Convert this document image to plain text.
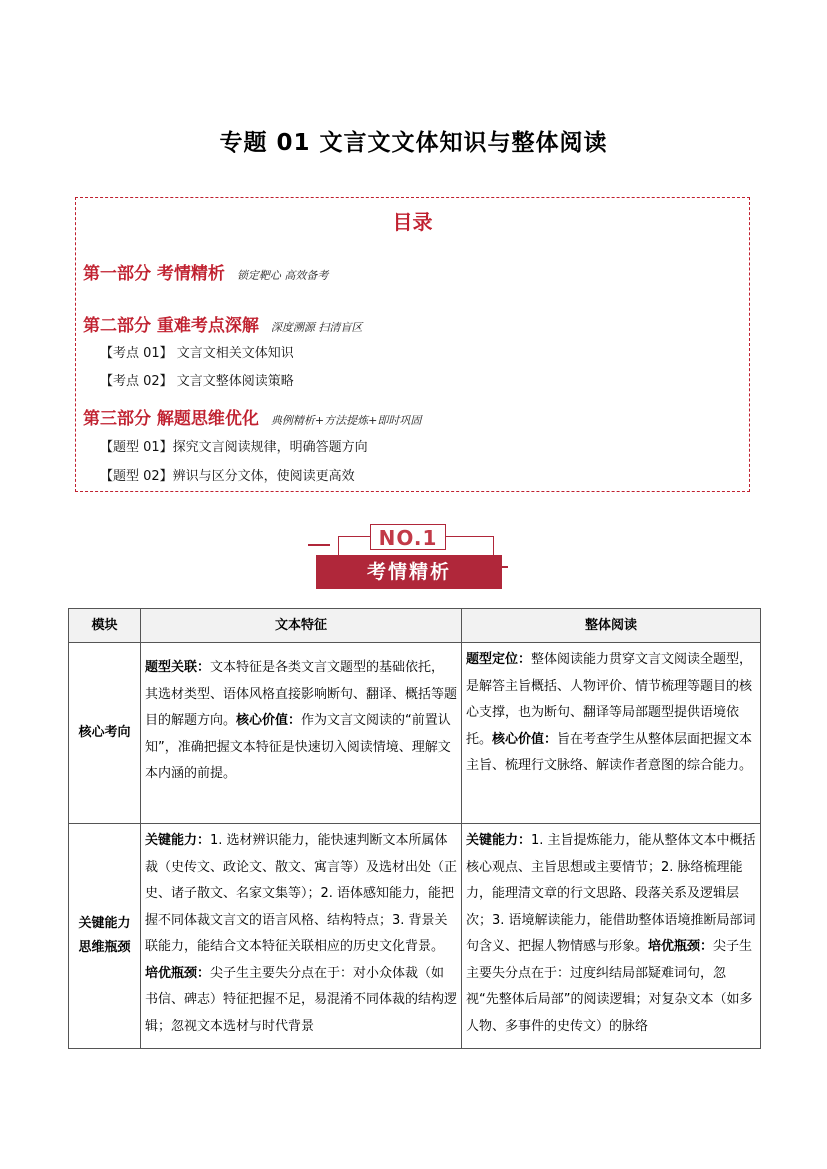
专题 01 文言文文体知识与整体阅读
目录
第一部分 考情精析 锁定靶心 高效备考
第二部分 重难考点深解 深度溯源 扫清盲区
【考点 01】 文言文相关文体知识
【考点 02】 文言文整体阅读策略
第三部分 解题思维优化 典例精析+方法提炼+即时巩固
【题型 01】探究文言阅读规律，明确答题方向
【题型 02】辨识与区分文体，使阅读更高效
NO.1
考情精析
模块	文本特征	整体阅读
核心考向	题型关联：文本特征是各类文言文题型的基础依托，其选材类型、语体风格直接影响断句、翻译、概括等题目的解题方向。核心价值：作为文言文阅读的“前置认知”，准确把握文本特征是快速切入阅读情境、理解文本内涵的前提。	题型定位：整体阅读能力贯穿文言文阅读全题型，是解答主旨概括、人物评价、情节梳理等题目的核心支撑，也为断句、翻译等局部题型提供语境依托。核心价值：旨在考查学生从整体层面把握文本主旨、梳理行文脉络、解读作者意图的综合能力。
关键能力思维瓶颈	关键能力：1. 选材辨识能力，能快速判断文本所属体裁（史传文、政论文、散文、寓言等）及选材出处（正史、诸子散文、名家文集等）；2. 语体感知能力，能把握不同体裁文言文的语言风格、结构特点；3. 背景关联能力，能结合文本特征关联相应的历史文化背景。培优瓶颈：尖子生主要失分点在于：对小众体裁（如书信、碑志）特征把握不足，易混淆不同体裁的结构逻辑；忽视文本选材与时代背景	关键能力：1. 主旨提炼能力，能从整体文本中概括核心观点、主旨思想或主要情节；2. 脉络梳理能力，能理清文章的行文思路、段落关系及逻辑层次；3. 语境解读能力，能借助整体语境推断局部词句含义、把握人物情感与形象。培优瓶颈：尖子生主要失分点在于：过度纠结局部疑难词句，忽视“先整体后局部”的阅读逻辑；对复杂文本（如多人物、多事件的史传文）的脉络
